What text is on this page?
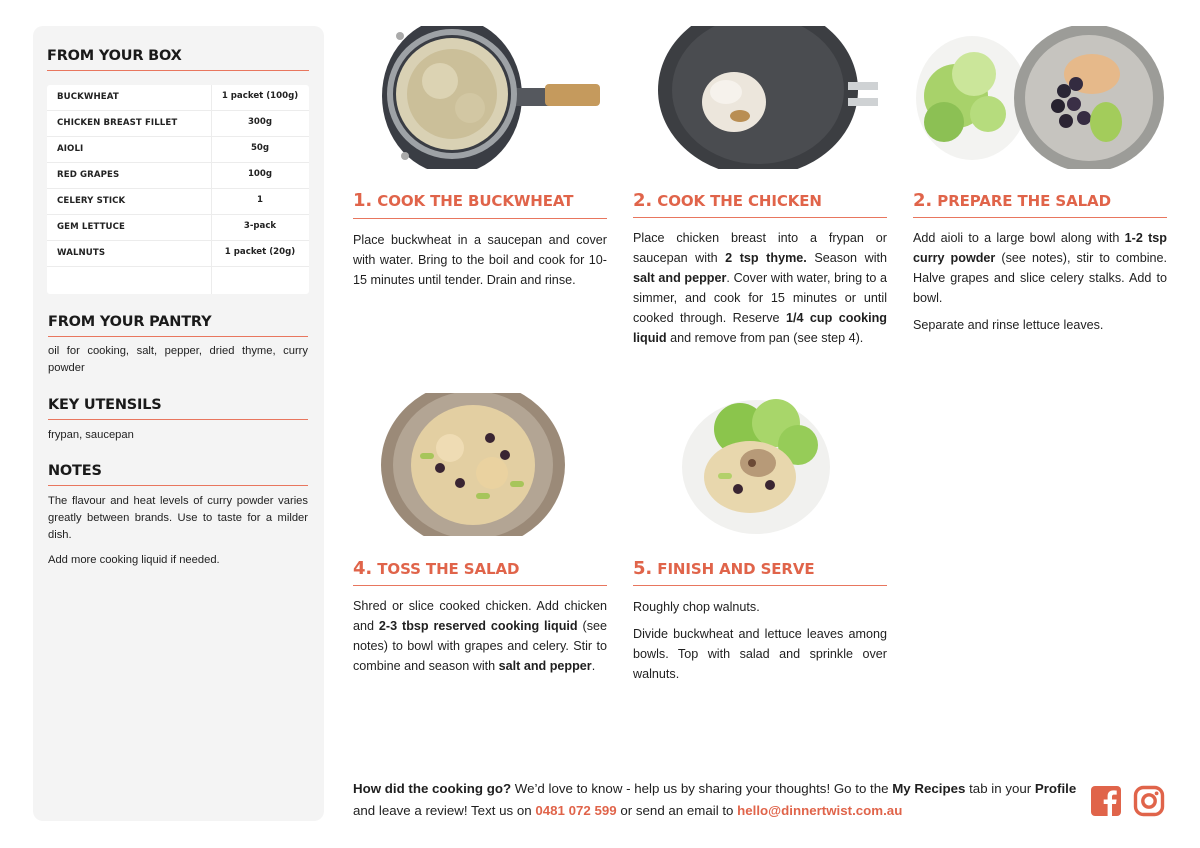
FROM YOUR BOX
BUCKWHEAT	1 packet (100g)
CHICKEN BREAST FILLET	300g
AIOLI	50g
RED GRAPES	100g
CELERY STICK	1
GEM LETTUCE	3-pack
WALNUTS	1 packet (20g)
FROM YOUR PANTRY
oil for cooking, salt, pepper, dried thyme, curry powder
KEY UTENSILS
frypan, saucepan
NOTES
The flavour and heat levels of curry powder varies greatly between brands. Use to taste for a milder dish.
Add more cooking liquid if needed.
1. COOK THE BUCKWHEAT

Place buckwheat in a saucepan and cover with water. Bring to the boil and cook for 10-15 minutes until tender. Drain and rinse.

2. COOK THE CHICKEN

Place chicken breast into a frypan or saucepan with 2 tsp thyme. Season with salt and pepper. Cover with water, bring to a simmer, and cook for 15 minutes or until cooked through. Reserve 1/4 cup cooking liquid and remove from pan (see step 4).

2. PREPARE THE SALAD

Add aioli to a large bowl along with 1-2 tsp curry powder (see notes), stir to combine. Halve grapes and slice celery stalks. Add to bowl.

Separate and rinse lettuce leaves.

4. TOSS THE SALAD

Shred or slice cooked chicken. Add chicken and 2-3 tbsp reserved cooking liquid (see notes) to bowl with grapes and celery. Stir to combine and season with salt and pepper.

5. FINISH AND SERVE

Roughly chop walnuts.

Divide buckwheat and lettuce leaves among bowls. Top with salad and sprinkle over walnuts.

How did the cooking go? We’d love to know - help us by sharing your thoughts! Go to the My Recipes tab in your Profile and leave a review! Text us on 0481 072 599 or send an email to hello@dinnertwist.com.au
